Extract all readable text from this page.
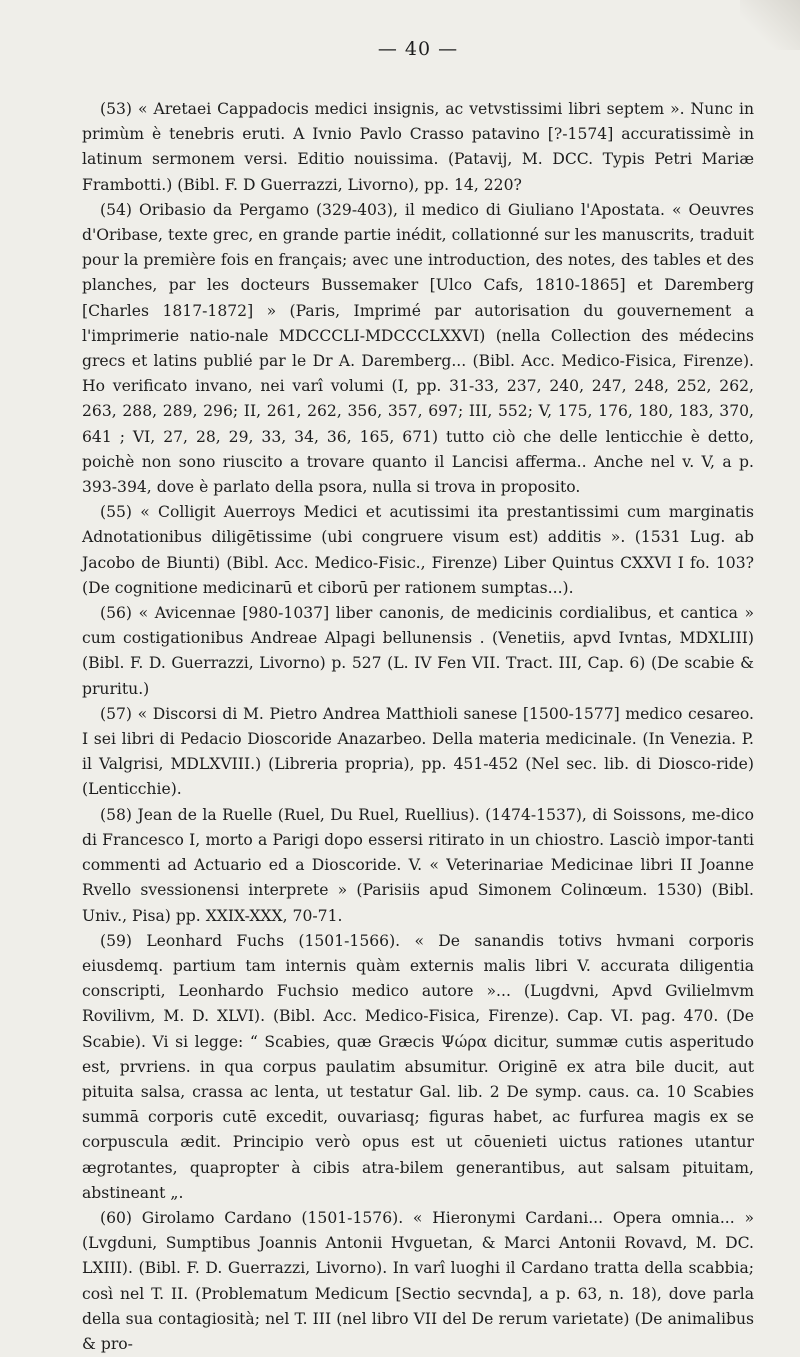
— 40 —

(53) « Aretaei Cappadocis medici insignis, ac vetvstissimi libri septem ». Nunc in primùm è tenebris eruti. A Ivnio Pavlo Crasso patavino [?-1574] accuratissimè in latinum sermonem versi. Editio nouissima. (Patavij, M. DCC. Typis Petri Mariæ Frambotti.) (Bibl. F. D Guerrazzi, Livorno), pp. 14, 220?

(54) Oribasio da Pergamo (329-403), il medico di Giuliano l'Apostata. « Oeuvres d'Oribase, texte grec, en grande partie inédit, collationné sur les manuscrits, traduit pour la première fois en français; avec une introduction, des notes, des tables et des planches, par les docteurs Bussemaker [Ulco Cafs, 1810-1865] et Daremberg [Charles 1817-1872] » (Paris, Imprimé par autorisation du gouvernement a l'imprimerie natio-nale MDCCCLI-MDCCCLXXVI) (nella Collection des médecins grecs et latins publié par le Dr A. Daremberg... (Bibl. Acc. Medico-Fisica, Firenze). Ho verificato invano, nei varî volumi (I, pp. 31-33, 237, 240, 247, 248, 252, 262, 263, 288, 289, 296; II, 261, 262, 356, 357, 697; III, 552; V, 175, 176, 180, 183, 370, 641 ; VI, 27, 28, 29, 33, 34, 36, 165, 671) tutto ciò che delle lenticchie è detto, poichè non sono riuscito a trovare quanto il Lancisi afferma.. Anche nel v. V, a p. 393-394, dove è parlato della psora, nulla si trova in proposito.

(55) « Colligit Auerroys Medici et acutissimi ita prestantissimi cum marginatis Adnotationibus diligētissime (ubi congruere visum est) additis ». (1531 Lug. ab Jacobo de Biunti) (Bibl. Acc. Medico-Fisic., Firenze) Liber Quintus CXXVI I fo. 103? (De cognitione medicinarū et ciborū per rationem sumptas...).

(56) « Avicennae [980-1037] liber canonis, de medicinis cordialibus, et cantica » cum costigationibus Andreae Alpagi bellunensis . (Venetiis, apvd Ivntas, MDXLIII) (Bibl. F. D. Guerrazzi, Livorno) p. 527 (L. IV Fen VII. Tract. III, Cap. 6) (De scabie & pruritu.)

(57) « Discorsi di M. Pietro Andrea Matthioli sanese [1500-1577] medico cesareo. I sei libri di Pedacio Dioscoride Anazarbeo. Della materia medicinale. (In Venezia. P. il Valgrisi, MDLXVIII.) (Libreria propria), pp. 451-452 (Nel sec. lib. di Diosco-ride) (Lenticchie).

(58) Jean de la Ruelle (Ruel, Du Ruel, Ruellius). (1474-1537), di Soissons, me-dico di Francesco I, morto a Parigi dopo essersi ritirato in un chiostro. Lasciò impor-tanti commenti ad Actuario ed a Dioscoride. V. « Veterinariae Medicinae libri II Joanne Rvello svessionensi interprete » (Parisiis apud Simonem Colinœum. 1530) (Bibl. Univ., Pisa) pp. XXIX-XXX, 70-71.

(59) Leonhard Fuchs (1501-1566). « De sanandis totivs hvmani corporis eiusdemq. partium tam internis quàm externis malis libri V. accurata diligentia conscripti, Leonhardo Fuchsio medico autore »... (Lugdvni, Apvd Gvilielmvm Rovilivm, M. D. XLVI). (Bibl. Acc. Medico-Fisica, Firenze). Cap. VI. pag. 470. (De Scabie). Vi si legge: “ Scabies, quæ Græcis Ψώρα dicitur, summæ cutis asperitudo est, prvriens. in qua corpus paulatim absumitur. Originē ex atra bile ducit, aut pituita salsa, crassa ac lenta, ut testatur Gal. lib. 2 De symp. caus. ca. 10 Scabies summā corporis cutē excedit, ouvariasq; figuras habet, ac furfurea magis ex se corpuscula ædit. Principio verò opus est ut cōuenieti uictus rationes utantur ægrotantes, quapropter à cibis atra-bilem generantibus, aut salsam pituitam, abstineant „.

(60) Girolamo Cardano (1501-1576). « Hieronymi Cardani... Opera omnia... » (Lvgduni, Sumptibus Joannis Antonii Hvguetan, & Marci Antonii Rovavd, M. DC. LXIII). (Bibl. F. D. Guerrazzi, Livorno). In varî luoghi il Cardano tratta della scabbia; così nel T. II. (Problematum Medicum [Sectio secvnda], a p. 63, n. 18), dove parla della sua contagiosità; nel T. III (nel libro VII del De rerum varietate) (De animalibus & pro-
